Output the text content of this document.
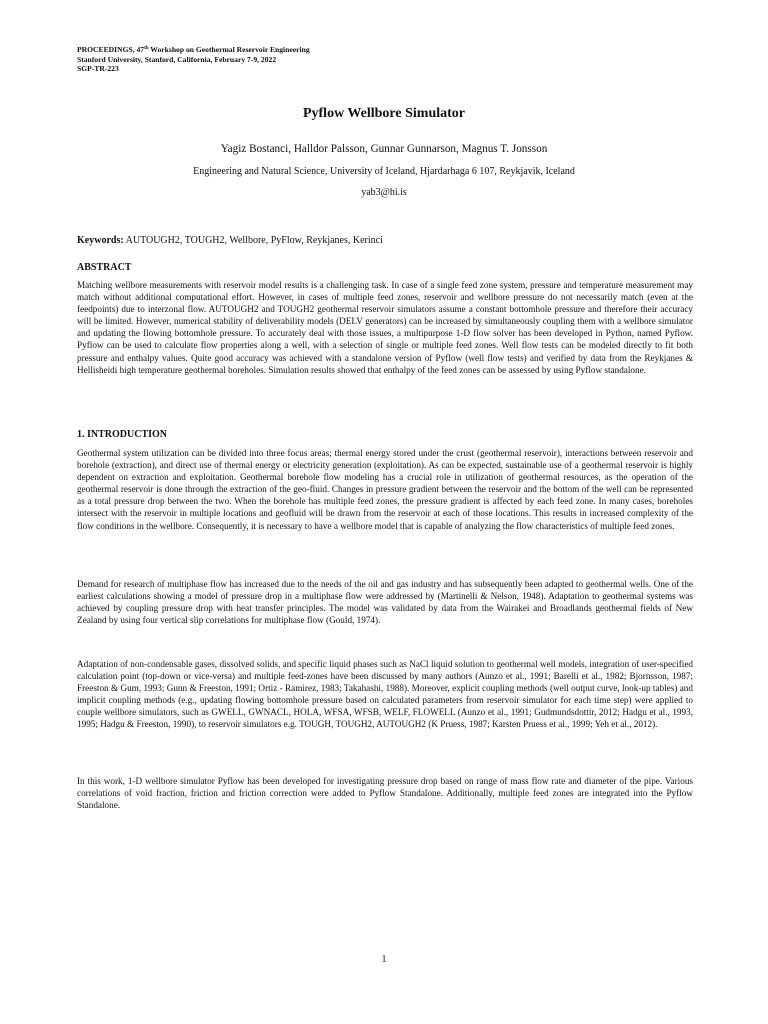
PROCEEDINGS, 47th Workshop on Geothermal Reservoir Engineering
Stanford University, Stanford, California, February 7-9, 2022
SGP-TR-223
Pyflow Wellbore Simulator
Yagiz Bostanci, Halldor Palsson, Gunnar Gunnarson, Magnus T. Jonsson
Engineering and Natural Science, University of Iceland, Hjardarhaga 6 107, Reykjavik, Iceland
yab3@hi.is
Keywords: AUTOUGH2, TOUGH2, Wellbore, PyFlow, Reykjanes, Kerinci
ABSTRACT
Matching wellbore measurements with reservoir model results is a challenging task. In case of a single feed zone system, pressure and temperature measurement may match without additional computational effort. However, in cases of multiple feed zones, reservoir and wellbore pressure do not necessarily match (even at the feedpoints) due to interzonal flow. AUTOUGH2 and TOUGH2 geothermal reservoir simulators assume a constant bottomhole pressure and therefore their accuracy will be limited. However, numerical stability of deliverability models (DELV generators) can be increased by simultaneously coupling them with a wellbore simulator and updating the flowing bottomhole pressure. To accurately deal with those issues, a multipurpose 1-D flow solver has been developed in Python, named Pyflow. Pyflow can be used to calculate flow properties along a well, with a selection of single or multiple feed zones. Well flow tests can be modeled directly to fit both pressure and enthalpy values. Quite good accuracy was achieved with a standalone version of Pyflow (well flow tests) and verified by data from the Reykjanes & Hellisheidi high temperature geothermal boreholes. Simulation results showed that enthalpy of the feed zones can be assessed by using Pyflow standalone.
1. INTRODUCTION
Geothermal system utilization can be divided into three focus areas; thermal energy stored under the crust (geothermal reservoir), interactions between reservoir and borehole (extraction), and direct use of thermal energy or electricity generation (exploitation). As can be expected, sustainable use of a geothermal reservoir is highly dependent on extraction and exploitation. Geothermal borehole flow modeling has a crucial role in utilization of geothermal resources, as the operation of the geothermal reservoir is done through the extraction of the geo-fluid. Changes in pressure gradient between the reservoir and the bottom of the well can be represented as a total pressure drop between the two. When the borehole has multiple feed zones, the pressure gradient is affected by each feed zone. In many cases, boreholes intersect with the reservoir in multiple locations and geofluid will be drawn from the reservoir at each of those locations. This results in increased complexity of the flow conditions in the wellbore. Consequently, it is necessary to have a wellbore model that is capable of analyzing the flow characteristics of multiple feed zones.
Demand for research of multiphase flow has increased due to the needs of the oil and gas industry and has subsequently been adapted to geothermal wells. One of the earliest calculations showing a model of pressure drop in a multiphase flow were addressed by (Martinelli & Nelson, 1948). Adaptation to geothermal systems was achieved by coupling pressure drop with heat transfer principles. The model was validated by data from the Wairakei and Broadlands geothermal fields of New Zealand by using four vertical slip correlations for multiphase flow (Gould, 1974).
Adaptation of non-condensable gases, dissolved solids, and specific liquid phases such as NaCl liquid solution to geothermal well models, integration of user-specified calculation point (top-down or vice-versa) and multiple feed-zones have been discussed by many authors (Aunzo et al., 1991; Barelli et al., 1982; Bjornsson, 1987; Freeston & Gum, 1993; Gunn & Freeston, 1991; Ortiz - Ramirez, 1983; Takahashi, 1988). Moreover, explicit coupling methods (well output curve, look-up tables) and implicit coupling methods (e.g., updating flowing bottomhole pressure based on calculated parameters from reservoir simulator for each time step) were applied to couple wellbore simulators, such as GWELL, GWNACL, HOLA, WFSA, WFSB, WELF, FLOWELL (Aunzo et al., 1991; Gudmundsdottir, 2012; Hadgu et al., 1993, 1995; Hadgu & Freeston, 1990), to reservoir simulators e.g. TOUGH, TOUGH2, AUTOUGH2 (K Pruess, 1987; Karsten Pruess et al., 1999; Yeh et al., 2012).
In this work, 1-D wellbore simulator Pyflow has been developed for investigating pressure drop based on range of mass flow rate and diameter of the pipe. Various correlations of void fraction, friction and friction correction were added to Pyflow Standalone. Additionally, multiple feed zones are integrated into the Pyflow Standalone.
1
